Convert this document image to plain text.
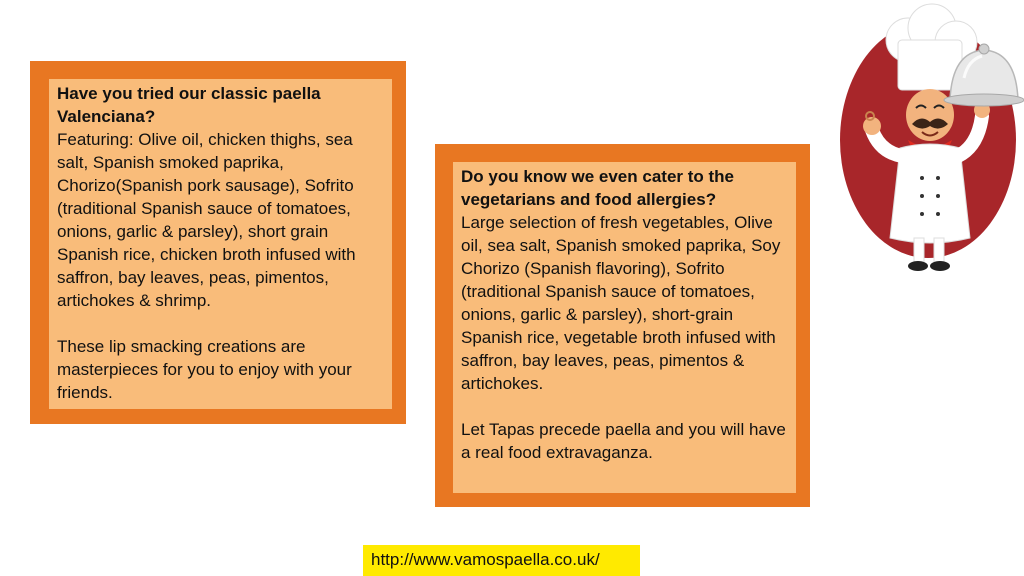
Have you tried our classic paella Valenciana?
Featuring: Olive oil, chicken thighs, sea salt, Spanish smoked paprika, Chorizo(Spanish pork sausage), Sofrito (traditional Spanish sauce of tomatoes, onions, garlic & parsley), short grain Spanish rice, chicken broth infused with saffron, bay leaves, peas, pimentos, artichokes & shrimp.
These lip smacking creations are masterpieces for you to enjoy with your friends.
Do you know we even cater to the vegetarians and food allergies?
Large selection of fresh vegetables, Olive oil, sea salt, Spanish smoked paprika, Soy Chorizo (Spanish flavoring), Sofrito (traditional Spanish sauce of tomatoes, onions, garlic & parsley), short-grain Spanish rice, vegetable broth infused with saffron, bay leaves, peas, pimentos & artichokes.
Let Tapas precede paella and you will have a real food extravaganza.
http://www.vamospaella.co.uk/
